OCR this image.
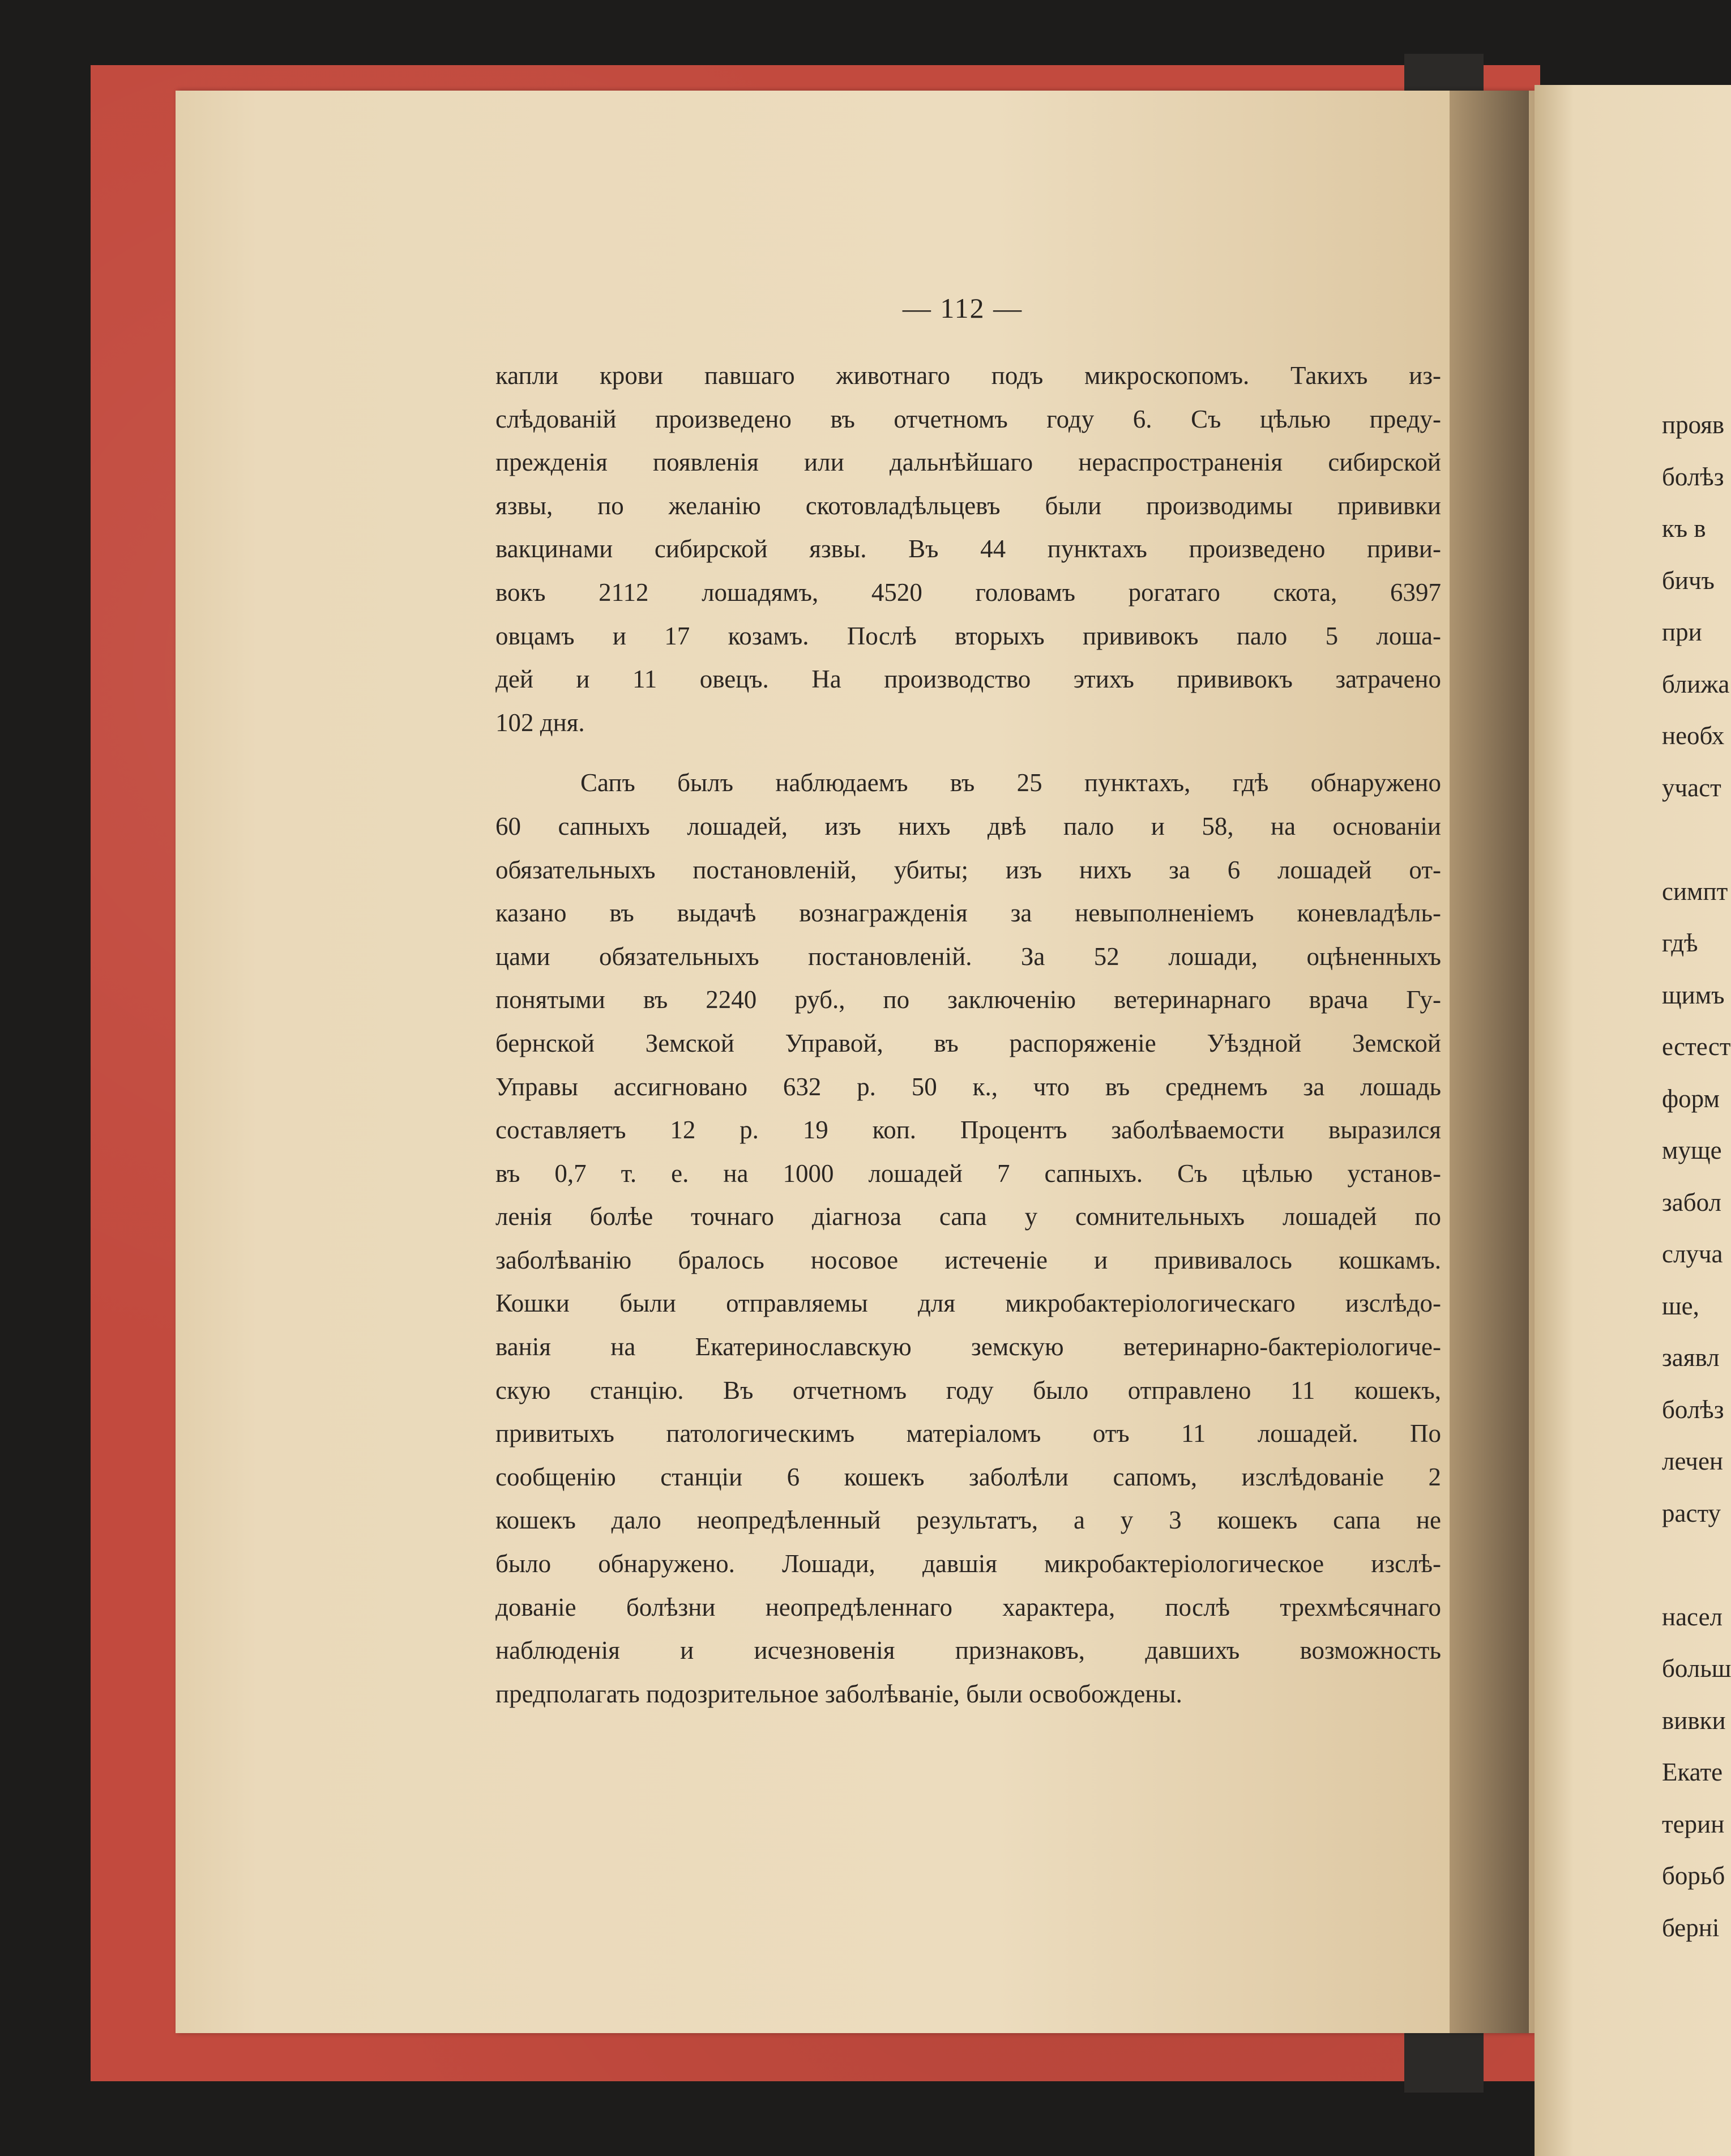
— 112 —
капли крови павшаго животнаго подъ микроскопомъ. Такихъ из-
слѣдованій произведено въ отчетномъ году 6. Съ цѣлью преду-
прежденія появленія или дальнѣйшаго нераспространенія сибирской
язвы, по желанію скотовладѣльцевъ были производимы прививки
вакцинами сибирской язвы. Въ 44 пунктахъ произведено приви-
вокъ 2112 лошадямъ, 4520 головамъ рогатаго скота, 6397
овцамъ и 17 козамъ. Послѣ вторыхъ прививокъ пало 5 лоша-
дей и 11 овецъ. На производство этихъ прививокъ затрачено
102 дня.
Сапъ былъ наблюдаемъ въ 25 пунктахъ, гдѣ обнаружено
60 сапныхъ лошадей, изъ нихъ двѣ пало и 58, на основаніи
обязательныхъ постановленій, убиты; изъ нихъ за 6 лошадей от-
казано въ выдачѣ вознагражденія за невыполненіемъ коневладѣль-
цами обязательныхъ постановленій. За 52 лошади, оцѣненныхъ
понятыми въ 2240 руб., по заключенію ветеринарнаго врача Гу-
бернской Земской Управой, въ распоряженіе Уѣздной Земской
Управы ассигновано 632 р. 50 к., что въ среднемъ за лошадь
составляетъ 12 р. 19 коп. Процентъ заболѣваемости выразился
въ 0,7 т. е. на 1000 лошадей 7 сапныхъ. Съ цѣлью установ-
ленія болѣе точнаго діагноза сапа у сомнительныхъ лошадей по
заболѣванію бралось носовое истеченіе и прививалось кошкамъ.
Кошки были отправляемы для микробактеріологическаго изслѣдо-
ванія на Екатеринославскую земскую ветеринарно-бактеріологиче-
скую станцію. Въ отчетномъ году было отправлено 11 кошекъ,
привитыхъ патологическимъ матеріаломъ отъ 11 лошадей. По
сообщенію станціи 6 кошекъ заболѣли сапомъ, изслѣдованіе 2
кошекъ дало неопредѣленный результатъ, а у 3 кошекъ сапа не
было обнаружено. Лошади, давшія микробактеріологическое изслѣ-
дованіе болѣзни неопредѣленнаго характера, послѣ трехмѣсячнаго
наблюденія и исчезновенія признаковъ, давшихъ возможность
предполагать подозрительное заболѣваніе, были освобождены.
прояв
болѣз
къ в
бичъ
при
ближа
необх
участ
симпт
гдѣ
щимъ
естест
форм
муще
забол
случа
ше,
заявл
болѣз
лечен
расту
насел
больш
вивки
Екате
терин
борьб
берні
